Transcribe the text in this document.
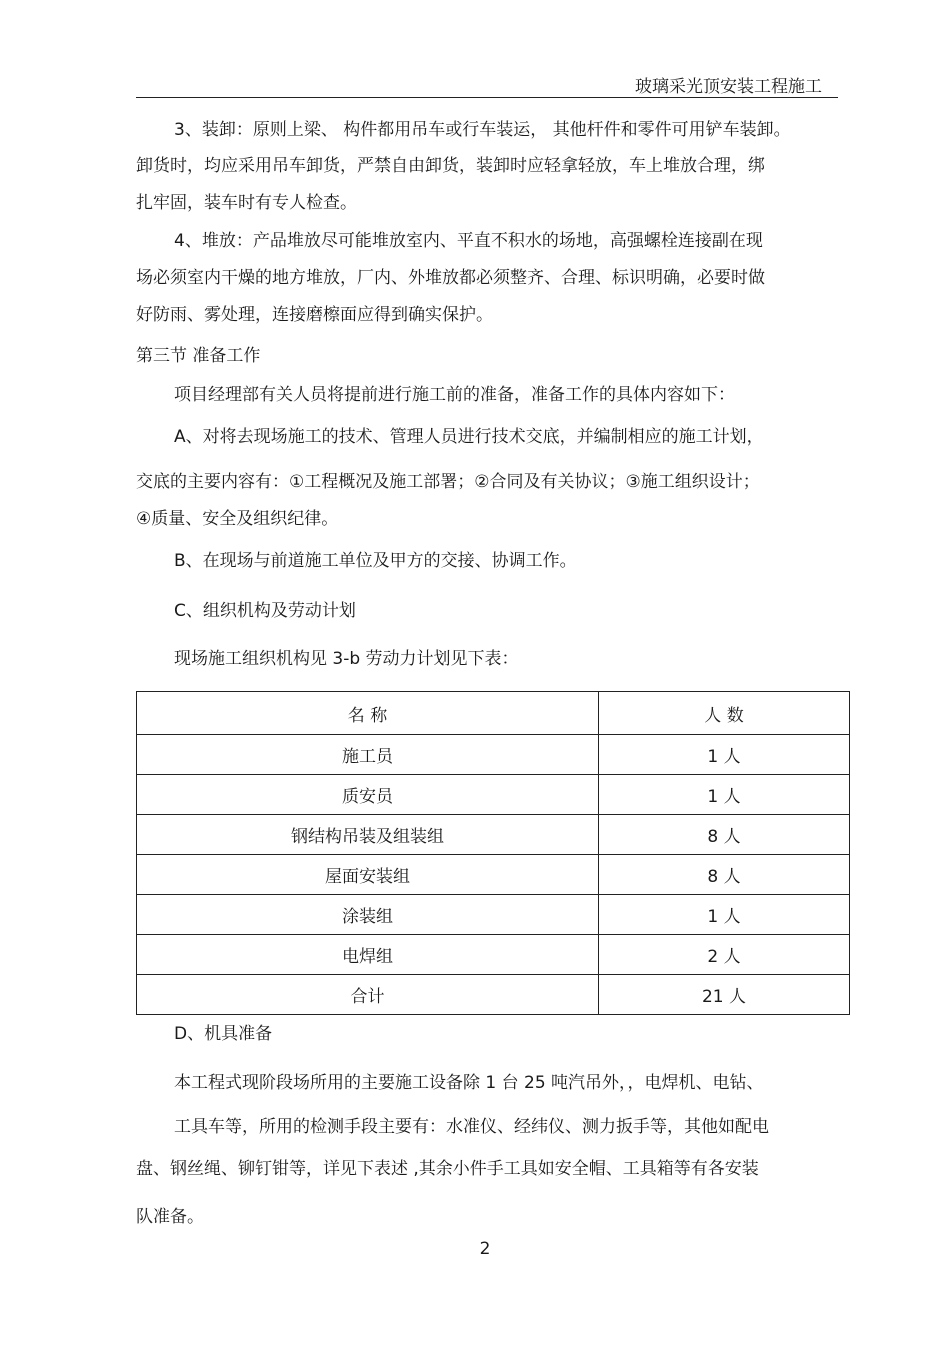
玻璃采光顶安装工程施工
3、装卸：原则上梁、 构件都用吊车或行车装运， 其他杆件和零件可用铲车装卸。
卸货时，均应采用吊车卸货，严禁自由卸货，装卸时应轻拿轻放，车上堆放合理，绑
扎牢固，装车时有专人检查。
4、堆放：产品堆放尽可能堆放室内、平直不积水的场地，高强螺栓连接副在现
场必须室内干燥的地方堆放，厂内、外堆放都必须整齐、合理、标识明确，必要时做
好防雨、雾处理，连接磨檫面应得到确实保护。
第三节 准备工作
项目经理部有关人员将提前进行施工前的准备，准备工作的具体内容如下：
A、对将去现场施工的技术、管理人员进行技术交底，并编制相应的施工计划，
交底的主要内容有：①工程概况及施工部署；②合同及有关协议；③施工组织设计；
④质量、安全及组织纪律。
B、在现场与前道施工单位及甲方的交接、协调工作。
C、组织机构及劳动计划
现场施工组织机构见 3-b 劳动力计划见下表：
名 称	人 数
施工员	1 人
质安员	1 人
钢结构吊装及组装组	8 人
屋面安装组	8 人
涂装组	1 人
电焊组	2 人
合计	21 人
D、机具准备
本工程式现阶段场所用的主要施工设备除 1 台 25 吨汽吊外，，电焊机、电钻、
工具车等，所用的检测手段主要有：水准仪、经纬仪、测力扳手等，其他如配电
盘、钢丝绳、铆钉钳等，详见下表述 ,其余小件手工具如安全帽、工具箱等有各安装
队准备。
2
